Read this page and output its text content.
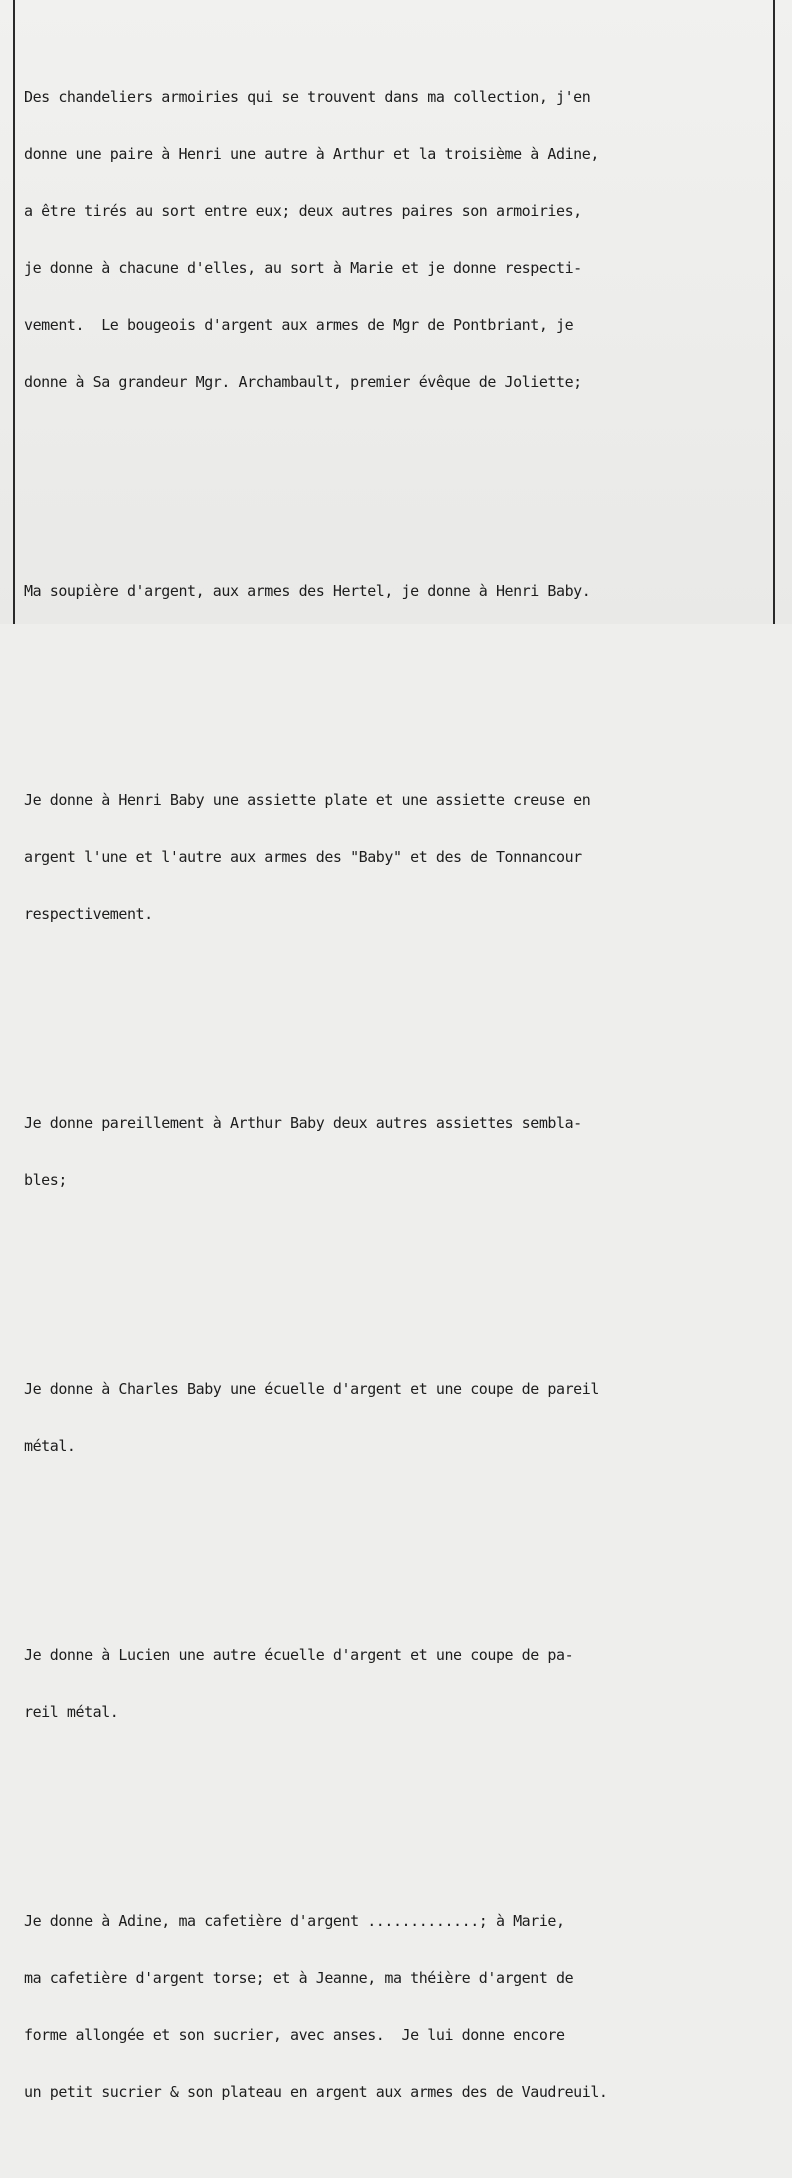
Des chandeliers armoiries qui se trouvent dans ma collection, j'en

donne une paire à Henri une autre à Arthur et la troisième à Adine,

a être tirés au sort entre eux; deux autres paires son armoiries,

je donne à chacune d'elles, au sort à Marie et je donne respecti-

vement.  Le bougeois d'argent aux armes de Mgr de Pontbriant, je

donne à Sa grandeur Mgr. Archambault, premier évêque de Joliette;

Ma soupière d'argent, aux armes des Hertel, je donne à Henri Baby.

Je donne à Henri Baby une assiette plate et une assiette creuse en

argent l'une et l'autre aux armes des "Baby" et des de Tonnancour

respectivement.

Je donne pareillement à Arthur Baby deux autres assiettes sembla-

bles;

Je donne à Charles Baby une écuelle d'argent et une coupe de pareil

métal.

Je donne à Lucien une autre écuelle d'argent et une coupe de pa-

reil métal.

Je donne à Adine, ma cafetière d'argent .............; à Marie,

ma cafetière d'argent torse; et à Jeanne, ma théière d'argent de

forme allongée et son sucrier, avec anses.  Je lui donne encore

un petit sucrier & son plateau en argent aux armes des de Vaudreuil.
